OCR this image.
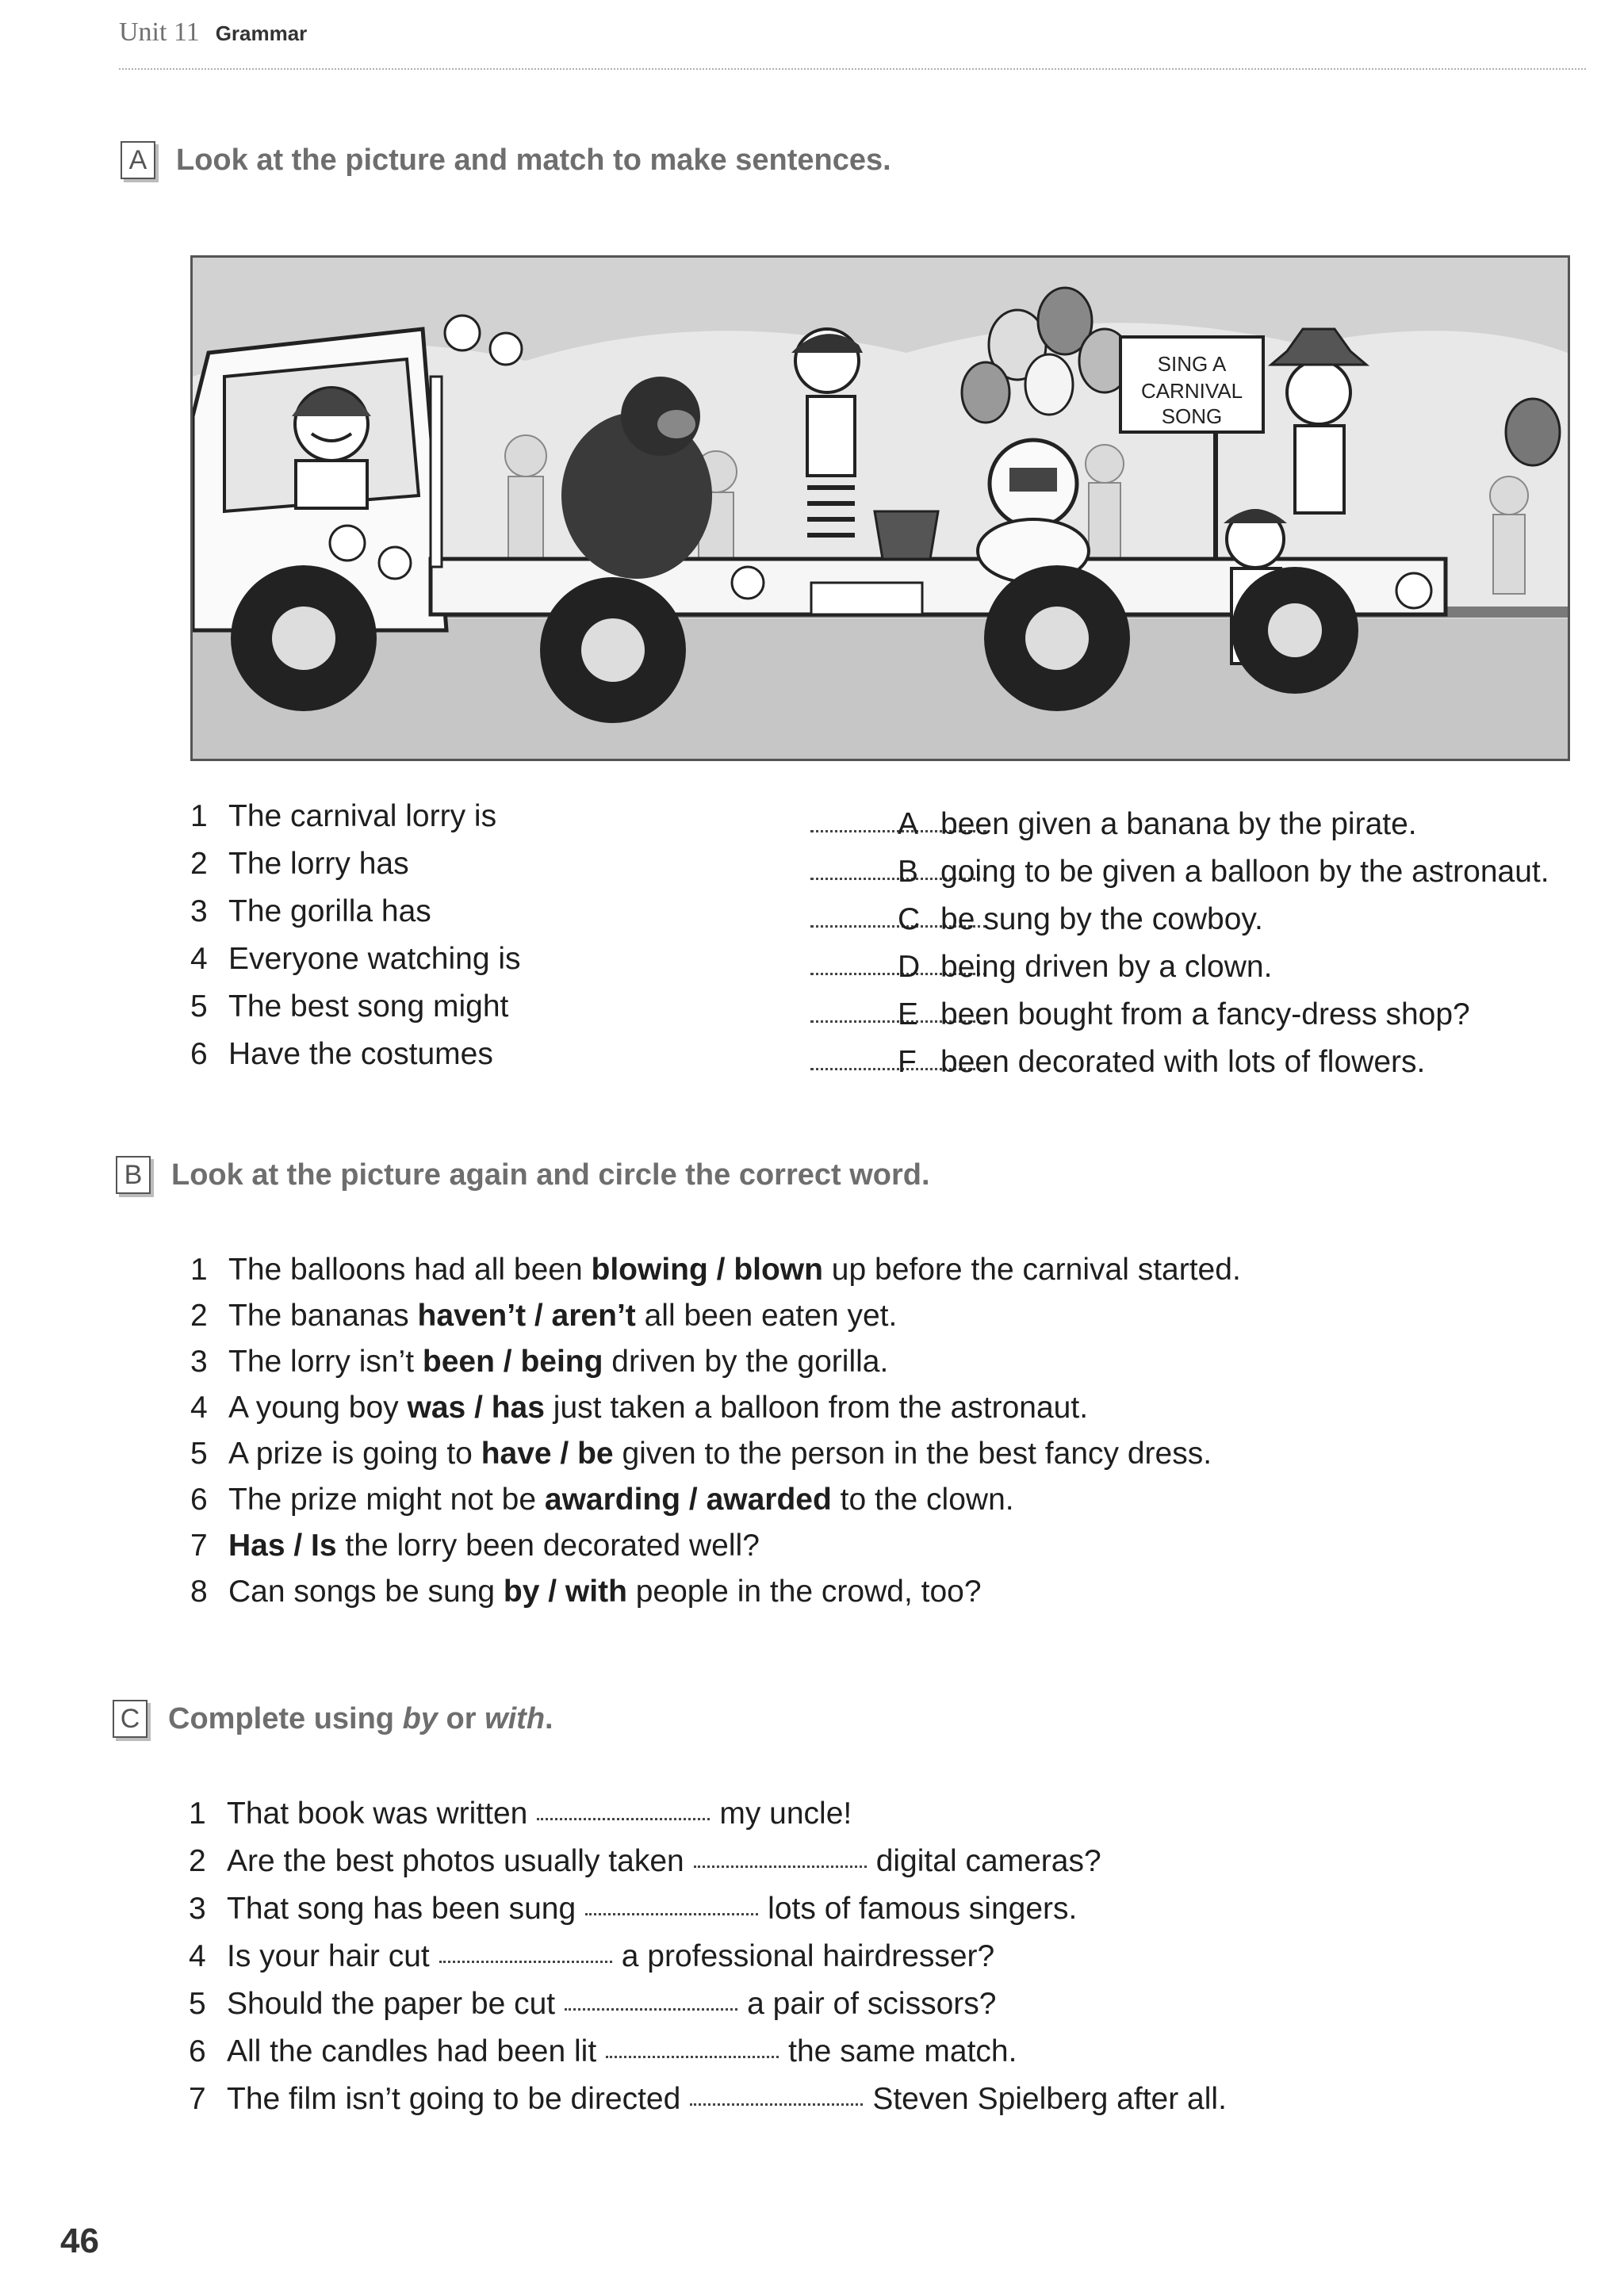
Unit 11 Grammar
A Look at the picture and match to make sentences.
SING A
CARNIVAL
SONG
1 The carnival lorry is
2 The lorry has
3 The gorilla has
4 Everyone watching is
5 The best song might
6 Have the costumes
A been given a banana by the pirate.
B going to be given a balloon by the astronaut.
C be sung by the cowboy.
D being driven by a clown.
E been bought from a fancy-dress shop?
F been decorated with lots of flowers.
B Look at the picture again and circle the correct word.
1 The balloons had all been blowing / blown up before the carnival started.
2 The bananas haven’t / aren’t all been eaten yet.
3 The lorry isn’t been / being driven by the gorilla.
4 A young boy was / has just taken a balloon from the astronaut.
5 A prize is going to have / be given to the person in the best fancy dress.
6 The prize might not be awarding / awarded to the clown.
7 Has / Is the lorry been decorated well?
8 Can songs be sung by / with people in the crowd, too?
C Complete using by or with.
1 That book was written	my uncle!
2 Are the best photos usually taken	digital cameras?
3 That song has been sung	lots of famous singers.
4 Is your hair cut	a professional hairdresser?
5 Should the paper be cut	a pair of scissors?
6 All the candles had been lit	the same match.
7 The film isn’t going to be directed	Steven Spielberg after all.
46
